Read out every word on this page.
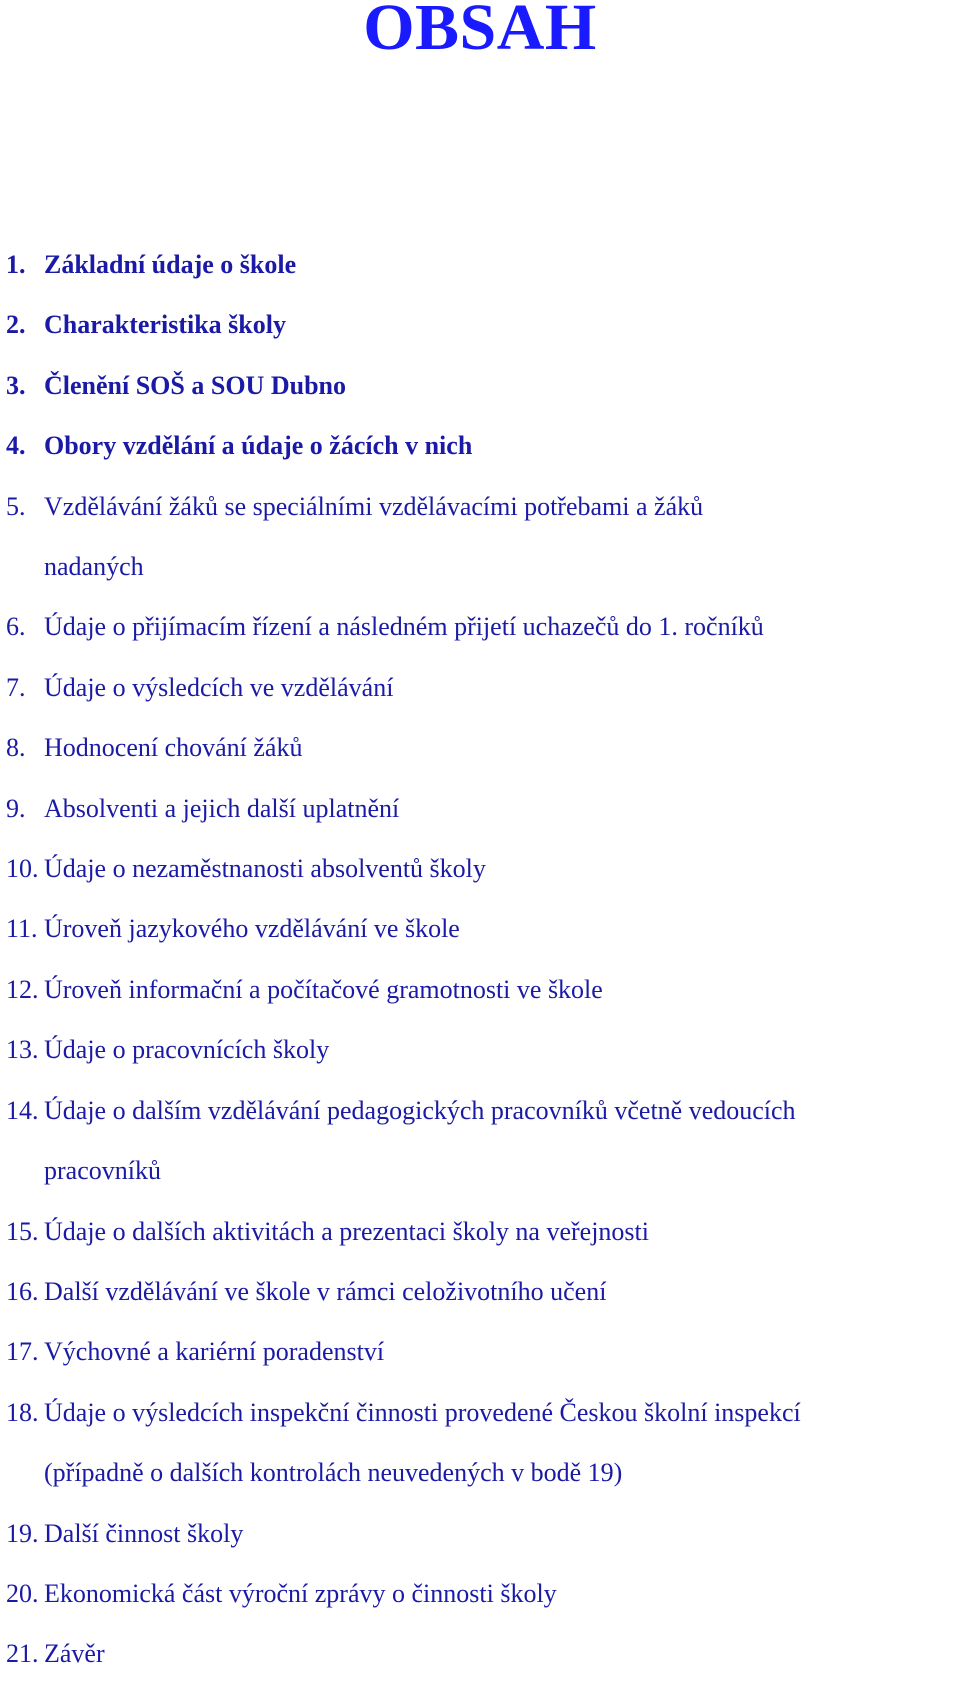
OBSAH
1. Základní údaje o škole
2. Charakteristika školy
3. Členění SOŠ a SOU Dubno
4. Obory vzdělání a údaje o žácích v nich
5. Vzdělávání žáků se speciálními vzdělávacími potřebami a žáků
nadaných
6. Údaje o přijímacím řízení a následném přijetí uchazečů do 1. ročníků
7. Údaje o výsledcích ve vzdělávání
8. Hodnocení chování žáků
9. Absolventi a jejich další uplatnění
10. Údaje o nezaměstnanosti absolventů školy
11. Úroveň jazykového vzdělávání ve škole
12. Úroveň informační a počítačové gramotnosti ve škole
13. Údaje o pracovnících školy
14. Údaje o dalším vzdělávání pedagogických pracovníků včetně vedoucích
pracovníků
15. Údaje o dalších aktivitách a prezentaci školy na veřejnosti
16. Další vzdělávání ve škole v rámci celoživotního učení
17. Výchovné a kariérní poradenství
18. Údaje o výsledcích inspekční činnosti provedené Českou školní inspekcí
(případně o dalších kontrolách neuvedených v bodě 19)
19. Další činnost školy
20. Ekonomická část výroční zprávy o činnosti školy
21. Závěr
